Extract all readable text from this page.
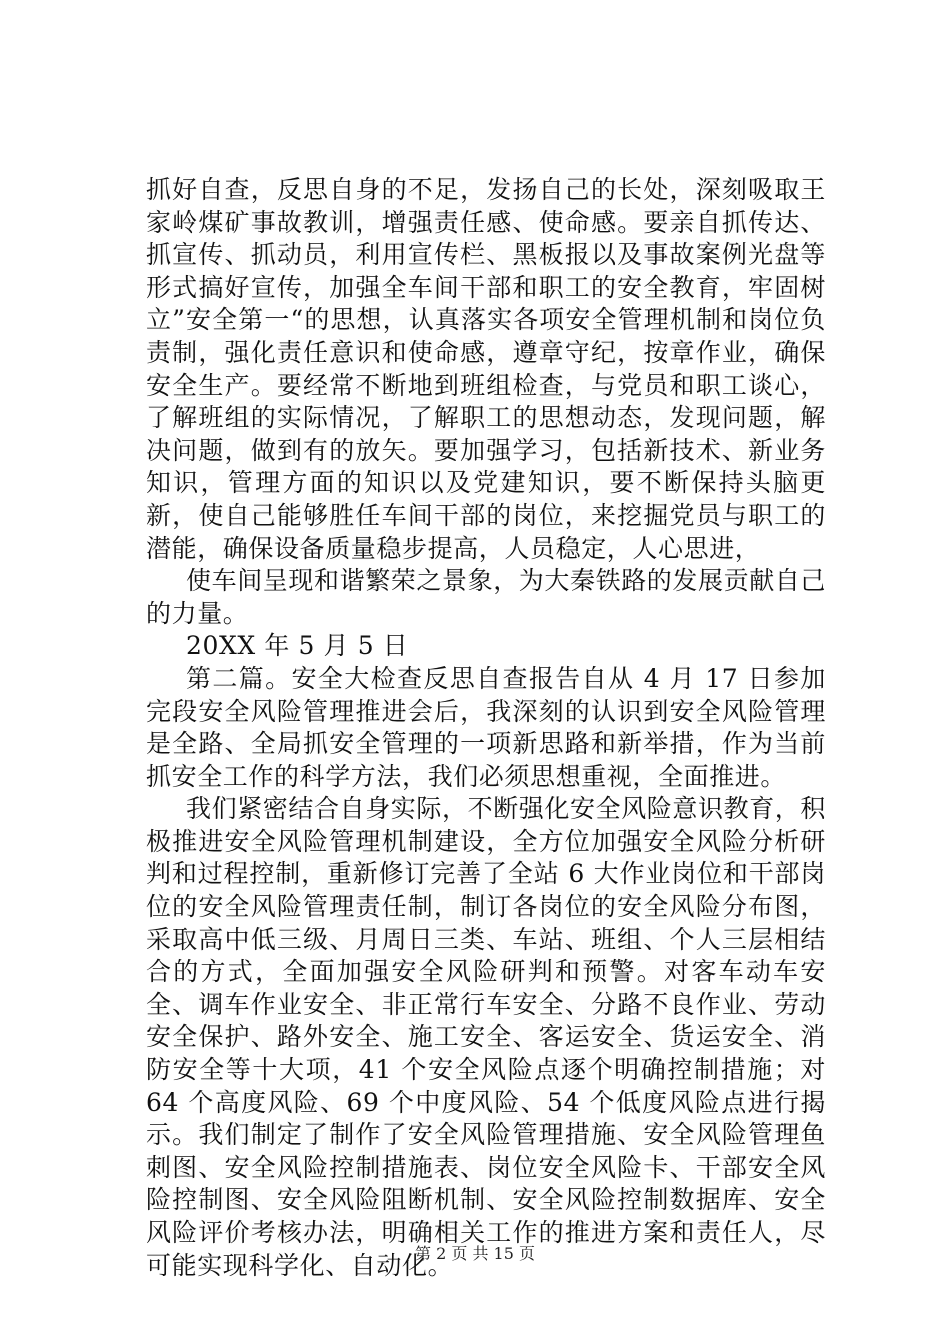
抓好自查，反思自身的不足，发扬自己的长处，深刻吸取王家岭煤矿事故教训，增强责任感、使命感。要亲自抓传达、抓宣传、抓动员，利用宣传栏、黑板报以及事故案例光盘等形式搞好宣传，加强全车间干部和职工的安全教育，牢固树立”安全第一“的思想，认真落实各项安全管理机制和岗位负责制，强化责任意识和使命感，遵章守纪，按章作业，确保安全生产。要经常不断地到班组检查，与党员和职工谈心，了解班组的实际情况，了解职工的思想动态，发现问题，解决问题，做到有的放矢。要加强学习，包括新技术、新业务知识，管理方面的知识以及党建知识，要不断保持头脑更新，使自己能够胜任车间干部的岗位，来挖掘党员与职工的潜能，确保设备质量稳步提高，人员稳定，人心思进，

使车间呈现和谐繁荣之景象，为大秦铁路的发展贡献自己的力量。

20XX 年 5 月 5 日

第二篇。安全大检查反思自查报告自从 4 月 17 日参加完段安全风险管理推进会后，我深刻的认识到安全风险管理是全路、全局抓安全管理的一项新思路和新举措，作为当前抓安全工作的科学方法，我们必须思想重视，全面推进。

我们紧密结合自身实际，不断强化安全风险意识教育，积极推进安全风险管理机制建设，全方位加强安全风险分析研判和过程控制，重新修订完善了全站 6 大作业岗位和干部岗位的安全风险管理责任制，制订各岗位的安全风险分布图，采取高中低三级、月周日三类、车站、班组、个人三层相结合的方式，全面加强安全风险研判和预警。对客车动车安全、调车作业安全、非正常行车安全、分路不良作业、劳动安全保护、路外安全、施工安全、客运安全、货运安全、消防安全等十大项，41 个安全风险点逐个明确控制措施；对 64 个高度风险、69 个中度风险、54 个低度风险点进行揭示。我们制定了制作了安全风险管理措施、安全风险管理鱼刺图、安全风险控制措施表、岗位安全风险卡、干部安全风险控制图、安全风险阻断机制、安全风险控制数据库、安全风险评价考核办法，明确相关工作的推进方案和责任人，尽可能实现科学化、自动化。

第 2 页 共 15 页
